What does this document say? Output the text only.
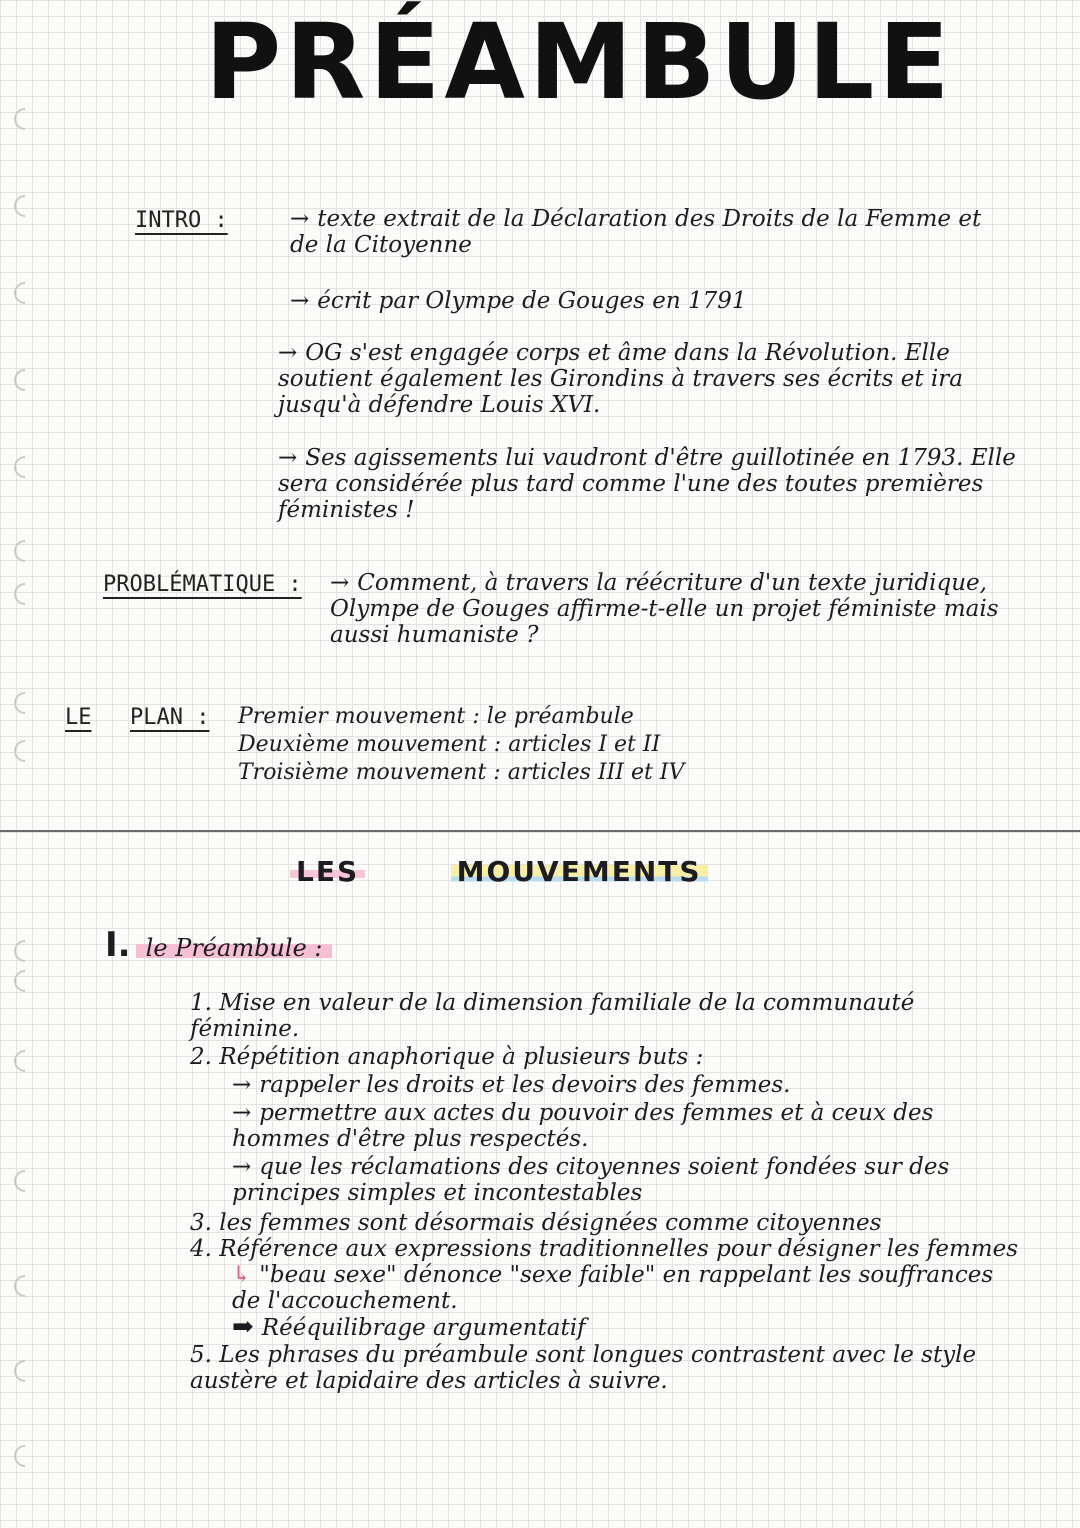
PRÉAMBULE
INTRO :	→ texte extrait de la Déclaration des Droits de la Femme et de la Citoyenne

→ écrit par Olympe de Gouges en 1791

→ OG s'est engagée corps et âme dans la Révolution. Elle soutient également les Girondins à travers ses écrits et ira jusqu'à défendre Louis XVI.

→ Ses agissements lui vaudront d'être guillotinée en 1793. Elle sera considérée plus tard comme l'une des toutes premières féministes !

PROBLÉMATIQUE : → Comment, à travers la réécriture d'un texte juridique, Olympe de Gouges affirme-t-elle un projet féministe mais aussi humaniste ?

LE PLAN : Premier mouvement : le préambule
Deuxième mouvement : articles I et II
Troisième mouvement : articles III et IV
LES	MOUVEMENTS
I. le Préambule :

1. Mise en valeur de la dimension familiale de la communauté féminine.

2. Répétition anaphorique à plusieurs buts :

→ rappeler les droits et les devoirs des femmes.

→ permettre aux actes du pouvoir des femmes et à ceux des hommes d'être plus respectés.

→ que les réclamations des citoyennes soient fondées sur des principes simples et incontestables

3. les femmes sont désormais désignées comme citoyennes

4. Référence aux expressions traditionnelles pour désigner les femmes

↳ "beau sexe" dénonce "sexe faible" en rappelant les souffrances de l'accouchement.

➡ Rééquilibrage argumentatif

5. Les phrases du préambule sont longues contrastent avec le style austère et lapidaire des articles à suivre.
